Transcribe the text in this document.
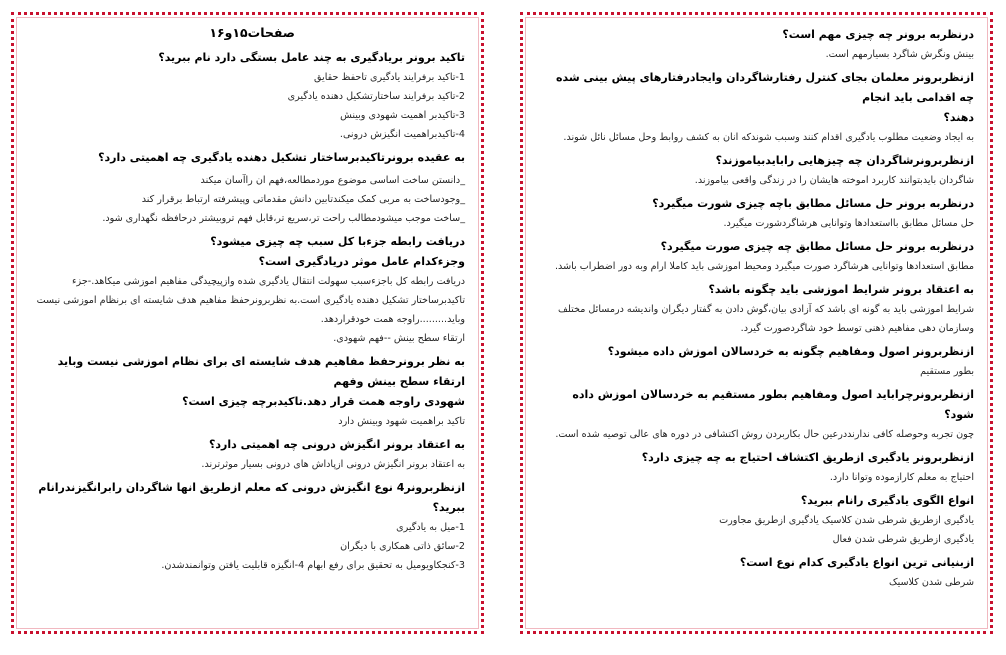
صفحات۱۵و۱۶
تاکید برونر بریادگیری به چند عامل بستگی دارد نام ببرید؟
1-تاکید برفرایند یادگیری تاحفظ حقایق
2-تاکید برفرایند ساختارتشکیل دهنده یادگیری
3-تاکیدبر اهمیت شهودی وبینش
4-تاکیدبراهمیت انگیزش درونی.
به عقیده برونرتاکیدبرساختار تشکیل دهنده یادگیری چه اهمیتی دارد؟
_دانستن ساخت اساسی موضوع موردمطالعه،فهم ان راآسان میکند
_وجودساخت به مربی کمک میکندتابین دانش مقدماتی وپیشرفته ارتباط برقرار کند
_ساخت موجب میشودمطالب راحت تر،سریع تر،قابل فهم تروبیشتر درحافظه نگهداری شود.
دریافت رابطه جزءبا کل سبب چه چیزی میشود؟
وجزءکدام عامل موثر دریادگیری است؟
دریافت رابطه کل باجزءسبب سهولت انتقال یادگیری شده وازپیچیدگی مفاهیم اموزشی میکاهد.-جزء
تاکیدبرساختار تشکیل دهنده یادگیری است.به نظربرونرحفظ مفاهیم هدف شایسته ای برنظام اموزشی نیست
وباید.........راوجه همت خودقراردهد.
ارتقاء سطح بینش --فهم شهودی.
به نظر برونرحفظ مفاهیم هدف شایسته ای برای نظام اموزشی نیست وباید ارتقاء سطح بینش وفهم
شهودی راوجه همت قرار دهد.تاکیدبرچه چیزی است؟
تاکید براهمیت شهود وبینش دارد
به اعتقاد برونر انگیزش درونی چه اهمیتی دارد؟
به اعتقاد برونر انگیزش درونی ازپاداش های درونی بسیار موثرترند.
ازنظربرونر4 نوع انگیزش درونی که معلم ازطریق انها شاگردان رابرانگیزندرانام ببرید؟
1-میل به یادگیری
2-سائق ذاتی همکاری با دیگران
3-کنجکاویومیل به تحقیق برای رفع ابهام 4-انگیزه قابلیت یافتن وتوانمندشدن.
درنظربه برونر چه چیزی مهم است؟
بینش ونگرش شاگرد بسیارمهم است.
ازنظربرونر معلمان بجای کنترل رفتارشاگردان وایجادرفتارهای پیش بینی شده چه اقدامی باید انجام
دهند؟
به ایجاد وضعیت مطلوب یادگیری اقدام کنند وسبب شوندکه انان به کشف روابط وحل مسائل نائل شوند.
ازنظربرونرشاگردان چه چیزهایی رابایدبیاموزند؟
شاگردان بایدبتوانند کاربرد اموخته هایشان را در زندگی واقعی بیاموزند.
درنظربه برونر حل مسائل مطابق باچه چیزی شورت میگیرد؟
حل مسائل مطابق بااستعدادها وتوانایی هرشاگردشورت میگیرد.
درنظربه برونر حل مسائل مطابق چه چیزی صورت میگیرد؟
مطابق استعدادها وتوانایی هرشاگرد صورت میگیرد ومحیط اموزشی باید کاملا ارام وبه دور اضطراب باشد.
به اعتقاد برونر شرایط اموزشی باید چگونه باشد؟
شرایط اموزشی باید به گونه ای باشد که آزادی بیان،گوش دادن به گفتار دیگران واندیشه درمسائل مختلف
وسازمان دهی مفاهیم ذهنی توسط خود شاگردصورت گیرد.
ازنظربرونر اصول ومفاهیم چگونه به خردسالان اموزش داده میشود؟
بطور مستقیم
ازنظربرونرچرابايد اصول ومفاهيم بطور مستقيم به خردسالان اموزش داده شود؟
چون تجربه وحوصله کافی ندارنددرعین حال بکاربردن روش اکتشافی در دوره های عالی توصیه شده است.
ازنظربرونر یادگیری ازطریق اکتشاف احتیاج به چه چیزی دارد؟
احتیاج به معلم کارازموده وتوانا دارد.
انواع الگوی یادگیری رانام ببرید؟
یادگیری ازطریق شرطی شدن کلاسیک یادگیری ازطریق مجاورت
یادگیری ازطریق شرطی شدن فعال
ازبنیانی ترین انواع یادگیری کدام نوع است؟
شرطی شدن کلاسیک
